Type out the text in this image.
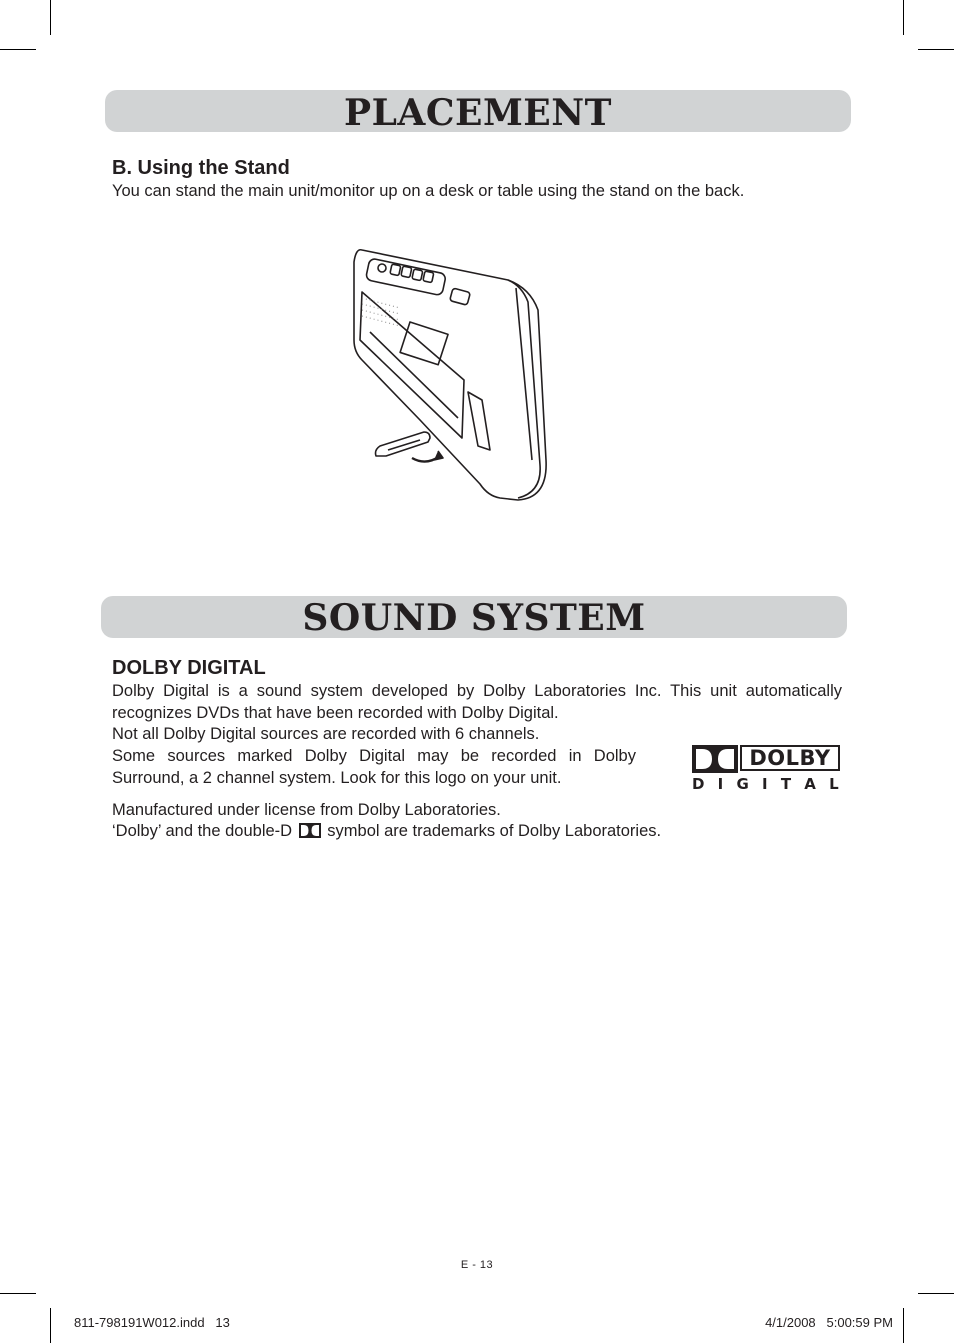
PLACEMENT
B. Using the Stand
You can stand the main unit/monitor up on a desk or table using the stand on the back.
SOUND SYSTEM
DOLBY DIGITAL
Dolby Digital is a sound system developed by Dolby Laboratories Inc. This unit automatically recognizes DVDs that have been recorded with Dolby Digital.
Not all Dolby Digital sources are recorded with 6 channels.
Some sources marked Dolby Digital may be recorded in Dolby Surround, a 2 channel system. Look for this logo on your unit.
DOLBY
D I G I T A L
Manufactured under license from Dolby Laboratories.
‘Dolby’ and the double-D symbol are trademarks of Dolby Laboratories.
E - 13
811-798191W012.indd   13	4/1/2008   5:00:59 PM
